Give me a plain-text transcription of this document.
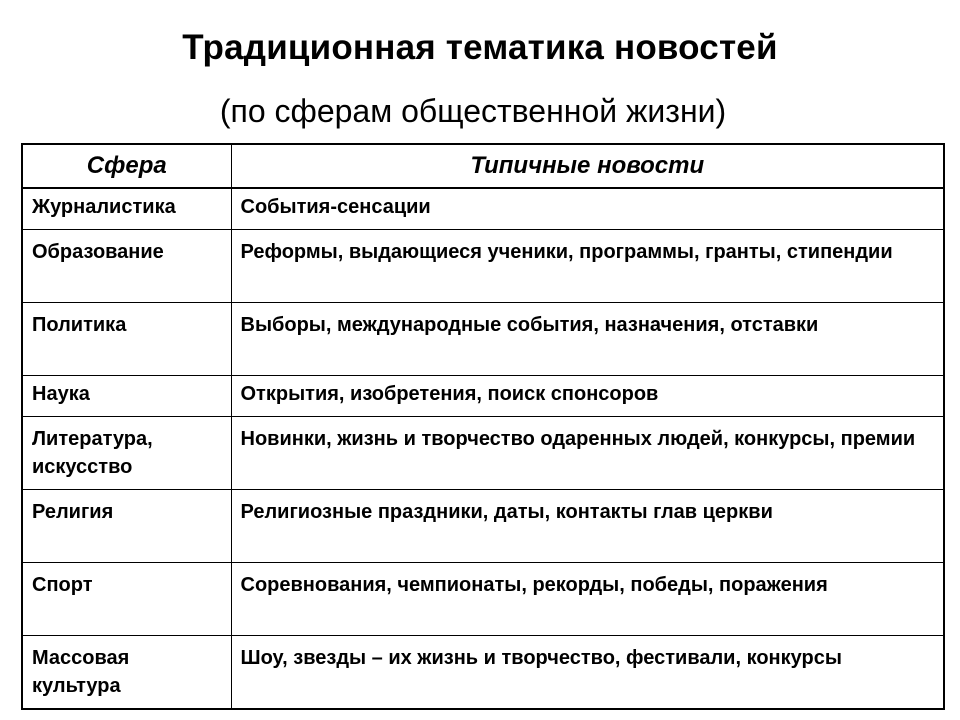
Традиционная тематика новостей
(по сферам общественной жизни)
Сфера	Типичные новости
Журналистика	События-сенсации
Образование	Реформы, выдающиеся ученики, программы, гранты, стипендии
Политика	Выборы, международные события, назначения, отставки
Наука	Открытия, изобретения, поиск спонсоров
Литература, искусство	Новинки, жизнь и творчество одаренных людей, конкурсы, премии
Религия	Религиозные праздники, даты, контакты глав церкви
Спорт	Соревнования, чемпионаты, рекорды, победы, поражения
Массовая культура	Шоу, звезды – их жизнь и творчество, фестивали, конкурсы
